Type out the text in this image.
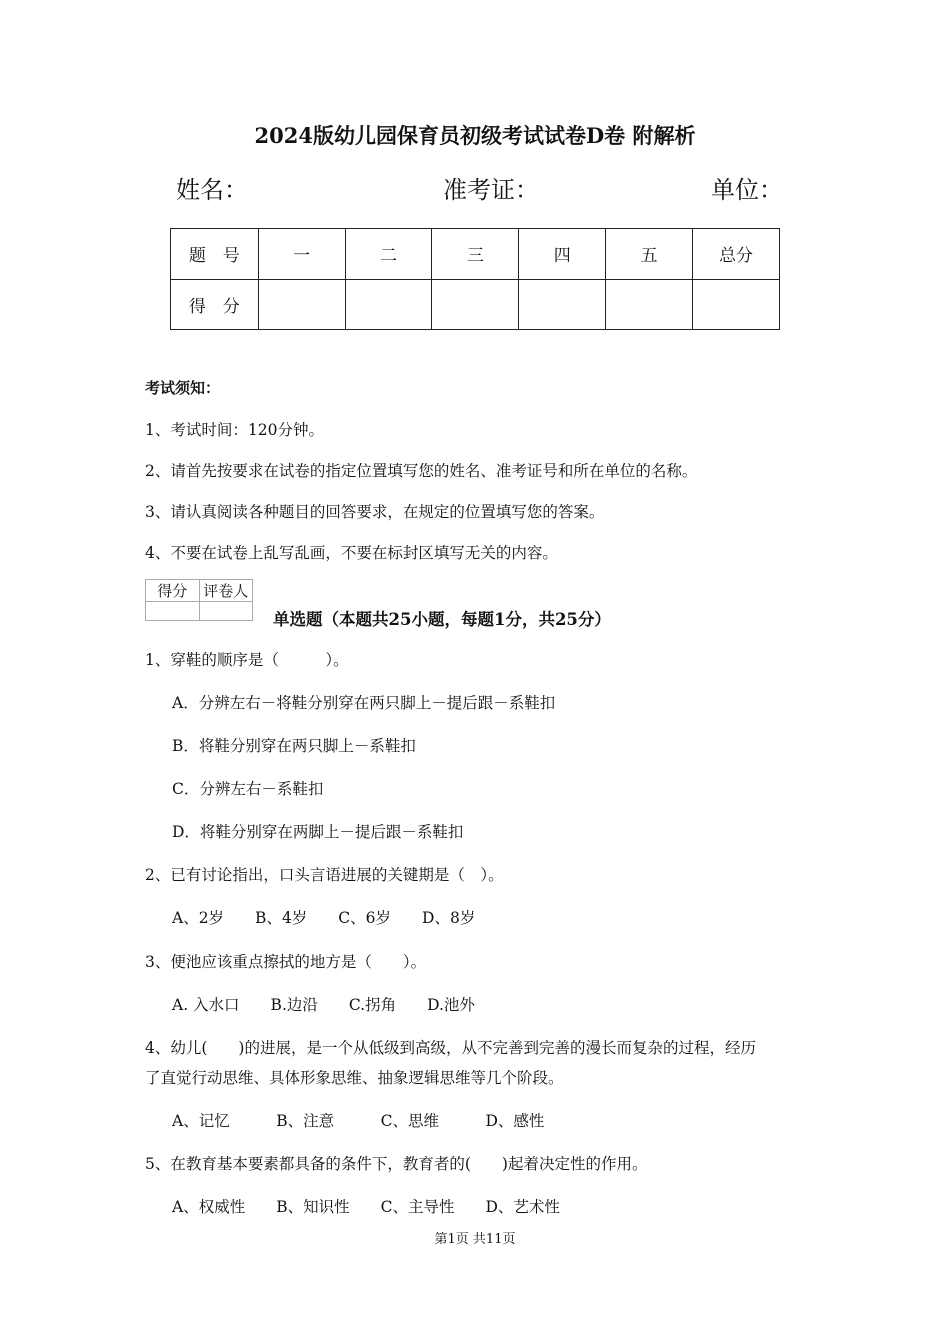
2024版幼儿园保育员初级考试试卷D卷 附解析
姓名：	准考证：	单位：
题　号	一	二	三	四	五	总分
得　分						
考试须知：
1、考试时间：120分钟。
2、请首先按要求在试卷的指定位置填写您的姓名、准考证号和所在单位的名称。
3、请认真阅读各种题目的回答要求，在规定的位置填写您的答案。
4、不要在试卷上乱写乱画，不要在标封区填写无关的内容。
得分	评卷人

单选题（本题共25小题，每题1分，共25分）
1、穿鞋的顺序是（　　　）。
A．分辨左右－将鞋分别穿在两只脚上－提后跟－系鞋扣
B．将鞋分别穿在两只脚上－系鞋扣
C．分辨左右－系鞋扣
D．将鞋分别穿在两脚上－提后跟－系鞋扣
2、已有讨论指出，口头言语进展的关键期是（　）。
A、2岁　　B、4岁　　C、6岁　　D、8岁
3、便池应该重点擦拭的地方是（　　）。
A. 入水口　　B.边沿　　C.拐角　　D.池外
4、幼儿(　　)的进展，是一个从低级到高级，从不完善到完善的漫长而复杂的过程，经历
了直觉行动思维、具体形象思维、抽象逻辑思维等几个阶段。
A、记忆　　　B、注意　　　C、思维　　　D、感性
5、在教育基本要素都具备的条件下，教育者的(　　)起着决定性的作用。
A、权威性　　B、知识性　　C、主导性　　D、艺术性
第1页 共11页
